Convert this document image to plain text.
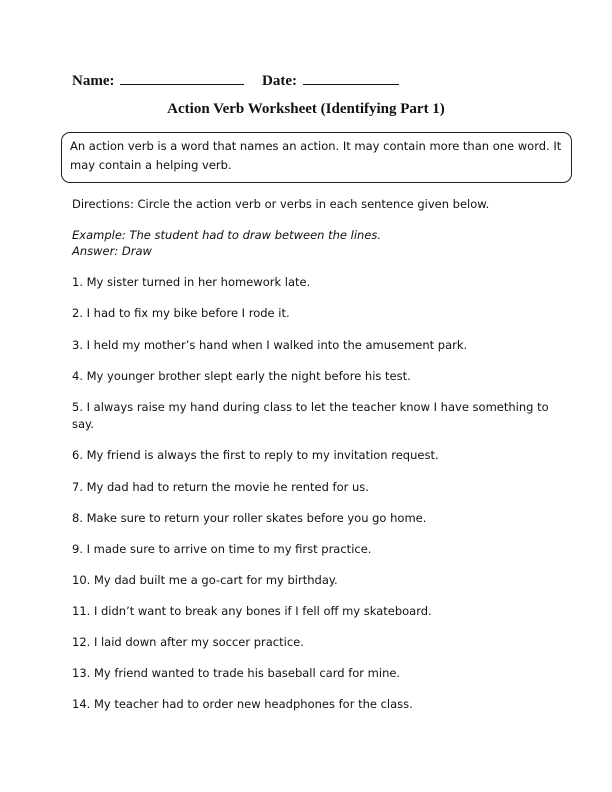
Name:	Date:
Action Verb Worksheet (Identifying Part 1)
An action verb is a word that names an action. It may contain more than one word. It may contain a helping verb.
Directions: Circle the action verb or verbs in each sentence given below.
Example: The student had to draw between the lines.
Answer: Draw
1. My sister turned in her homework late.
2. I had to fix my bike before I rode it.
3. I held my mother’s hand when I walked into the amusement park.
4. My younger brother slept early the night before his test.
5. I always raise my hand during class to let the teacher know I have something to say.
6. My friend is always the first to reply to my invitation request.
7. My dad had to return the movie he rented for us.
8. Make sure to return your roller skates before you go home.
9. I made sure to arrive on time to my first practice.
10. My dad built me a go-cart for my birthday.
11. I didn’t want to break any bones if I fell off my skateboard.
12. I laid down after my soccer practice.
13. My friend wanted to trade his baseball card for mine.
14. My teacher had to order new headphones for the class.
